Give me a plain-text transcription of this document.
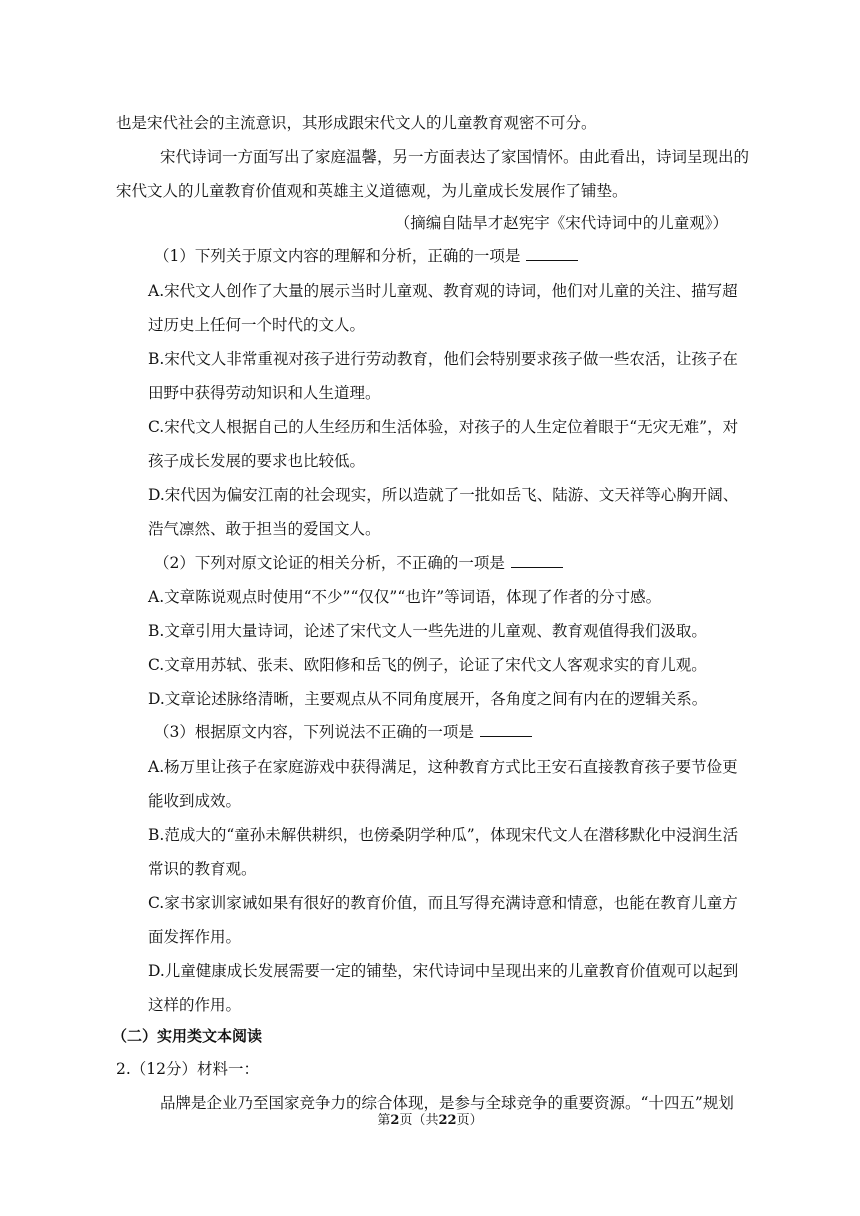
也是宋代社会的主流意识，其形成跟宋代文人的儿童教育观密不可分。
宋代诗词一方面写出了家庭温馨，另一方面表达了家国情怀。由此看出，诗词呈现出的
宋代文人的儿童教育价值观和英雄主义道德观，为儿童成长发展作了铺垫。
（摘编自陆旱才赵宪宇《宋代诗词中的儿童观》）
（1）下列关于原文内容的理解和分析，正确的一项是
A.宋代文人创作了大量的展示当时儿童观、教育观的诗词，他们对儿童的关注、描写超
过历史上任何一个时代的文人。
B.宋代文人非常重视对孩子进行劳动教育，他们会特别要求孩子做一些农活，让孩子在
田野中获得劳动知识和人生道理。
C.宋代文人根据自己的人生经历和生活体验，对孩子的人生定位着眼于“无灾无难”，对
孩子成长发展的要求也比较低。
D.宋代因为偏安江南的社会现实，所以造就了一批如岳飞、陆游、文天祥等心胸开阔、
浩气凛然、敢于担当的爱国文人。
（2）下列对原文论证的相关分析，不正确的一项是
A.文章陈说观点时使用“不少”“仅仅”“也许”等词语，体现了作者的分寸感。
B.文章引用大量诗词，论述了宋代文人一些先进的儿童观、教育观值得我们汲取。
C.文章用苏轼、张耒、欧阳修和岳飞的例子，论证了宋代文人客观求实的育儿观。
D.文章论述脉络清晰，主要观点从不同角度展开，各角度之间有内在的逻辑关系。
（3）根据原文内容，下列说法不正确的一项是
A.杨万里让孩子在家庭游戏中获得满足，这种教育方式比王安石直接教育孩子要节俭更
能收到成效。
B.范成大的“童孙未解供耕织，也傍桑阴学种瓜”，体现宋代文人在潜移默化中浸润生活
常识的教育观。
C.家书家训家诫如果有很好的教育价值，而且写得充满诗意和情意，也能在教育儿童方
面发挥作用。
D.儿童健康成长发展需要一定的铺垫，宋代诗词中呈现出来的儿童教育价值观可以起到
这样的作用。
（二）实用类文本阅读
2.（12分）材料一：
品牌是企业乃至国家竞争力的综合体现，是参与全球竞争的重要资源。“十四五”规划
第2页（共22页）
